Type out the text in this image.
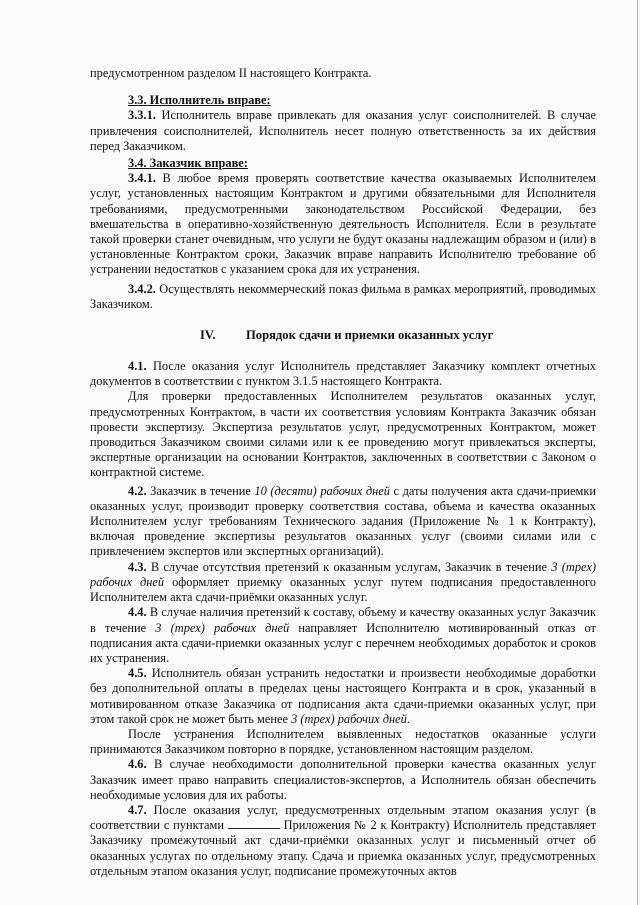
предусмотренном разделом II настоящего Контракта.

3.3. Исполнитель вправе:

3.3.1. Исполнитель вправе привлекать для оказания услуг соисполнителей. В случае привлечения соисполнителей, Исполнитель несет полную ответственность за их действия перед Заказчиком.

3.4. Заказчик вправе:

3.4.1. В любое время проверять соответствие качества оказываемых Исполнителем услуг, установленных настоящим Контрактом и другими обязательными для Исполнителя требованиями, предусмотренными законодательством Российской Федерации, без вмешательства в оперативно-хозяйственную деятельность Исполнителя. Если в результате такой проверки станет очевидным, что услуги не будут оказаны надлежащим образом и (или) в установленные Контрактом сроки, Заказчик вправе направить Исполнителю требование об устранении недостатков с указанием срока для их устранения.

3.4.2. Осуществлять некоммерческий показ фильма в рамках мероприятий, проводимых Заказчиком.

IV. Порядок сдачи и приемки оказанных услуг

4.1. После оказания услуг Исполнитель представляет Заказчику комплект отчетных документов в соответствии с пунктом 3.1.5 настоящего Контракта.

Для проверки предоставленных Исполнителем результатов оказанных услуг, предусмотренных Контрактом, в части их соответствия условиям Контракта Заказчик обязан провести экспертизу. Экспертиза результатов услуг, предусмотренных Контрактом, может проводиться Заказчиком своими силами или к ее проведению могут привлекаться эксперты, экспертные организации на основании Контрактов, заключенных в соответствии с Законом о контрактной системе.

4.2. Заказчик в течение 10 (десяти) рабочих дней с даты получения акта сдачи-приемки оказанных услуг, производит проверку соответствия состава, объема и качества оказанных Исполнителем услуг требованиям Технического задания (Приложение № 1 к Контракту), включая проведение экспертизы результатов оказанных услуг (своими силами или с привлечением экспертов или экспертных организаций).

4.3. В случае отсутствия претензий к оказанным услугам, Заказчик в течение 3 (трех) рабочих дней оформляет приемку оказанных услуг путем подписания предоставленного Исполнителем акта сдачи-приёмки оказанных услуг.

4.4. В случае наличия претензий к составу, объему и качеству оказанных услуг Заказчик в течение 3 (трех) рабочих дней направляет Исполнителю мотивированный отказ от подписания акта сдачи-приемки оказанных услуг с перечнем необходимых доработок и сроков их устранения.

4.5. Исполнитель обязан устранить недостатки и произвести необходимые доработки без дополнительной оплаты в пределах цены настоящего Контракта и в срок, указанный в мотивированном отказе Заказчика от подписания акта сдачи-приемки оказанных услуг, при этом такой срок не может быть менее 3 (трех) рабочих дней.

После устранения Исполнителем выявленных недостатков оказанные услуги принимаются Заказчиком повторно в порядке, установленном настоящим разделом.

4.6. В случае необходимости дополнительной проверки качества оказанных услуг Заказчик имеет право направить специалистов-экспертов, а Исполнитель обязан обеспечить необходимые условия для их работы.

4.7. После оказания услуг, предусмотренных отдельным этапом оказания услуг (в соответствии с пунктами	Приложения № 2 к Контракту) Исполнитель представляет Заказчику промежуточный акт сдачи-приёмки оказанных услуг и письменный отчет об оказанных услугах по отдельному этапу. Сдача и приемка оказанных услуг, предусмотренных отдельным этапом оказания услуг, подписание промежуточных актов
